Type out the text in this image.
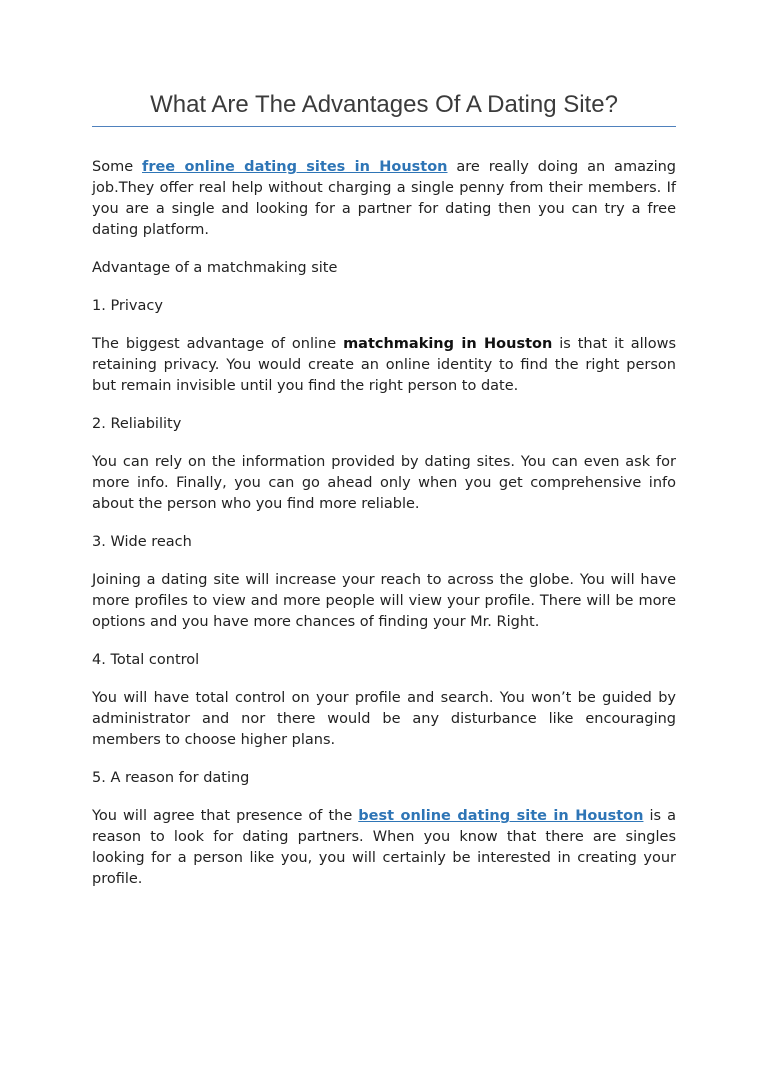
What Are The Advantages Of A Dating Site?

Some free online dating sites in Houston are really doing an amazing job.They offer real help without charging a single penny from their members. If you are a single and looking for a partner for dating then you can try a free dating platform.

Advantage of a matchmaking site

1. Privacy

The biggest advantage of online matchmaking in Houston is that it allows retaining privacy. You would create an online identity to find the right person but remain invisible until you find the right person to date.

2. Reliability

You can rely on the information provided by dating sites. You can even ask for more info. Finally, you can go ahead only when you get comprehensive info about the person who you find more reliable.

3. Wide reach

Joining a dating site will increase your reach to across the globe. You will have more profiles to view and more people will view your profile. There will be more options and you have more chances of finding your Mr. Right.

4. Total control

You will have total control on your profile and search. You won’t be guided by administrator and nor there would be any disturbance like encouraging members to choose higher plans.

5. A reason for dating

You will agree that presence of the best online dating site in Houston is a reason to look for dating partners. When you know that there are singles looking for a person like you, you will certainly be interested in creating your profile.
